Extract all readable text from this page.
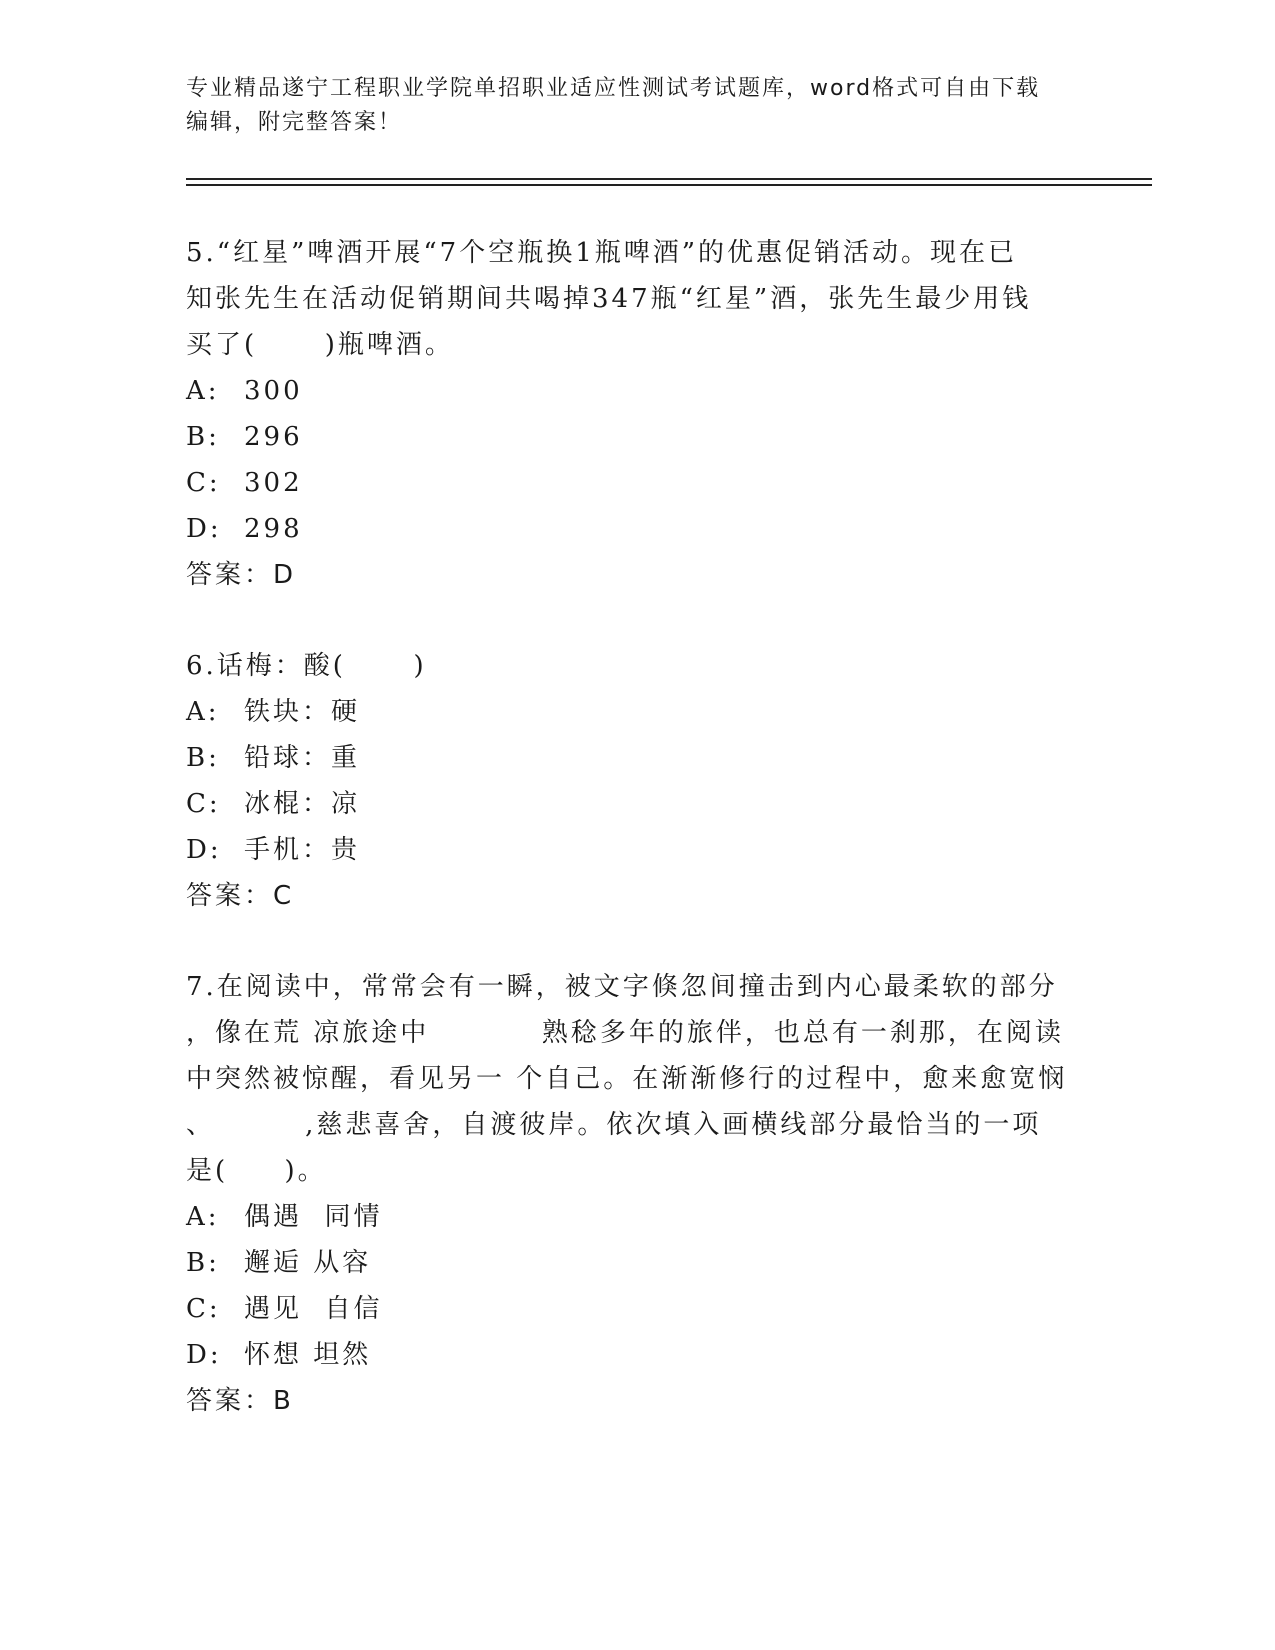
专业精品遂宁工程职业学院单招职业适应性测试考试题库，word格式可自由下载
编辑，附完整答案！
5.“红星”啤酒开展“7个空瓶换1瓶啤酒”的优惠促销活动。现在已
知张先生在活动促销期间共喝掉347瓶“红星”酒，张先生最少用钱
买了(      )瓶啤酒。
A: 300
B: 296
C: 302
D: 298
答案：D
6.话梅：酸(      )
A: 铁块：硬
B: 铅球：重
C: 冰棍：凉
D: 手机：贵
答案：C
7.在阅读中，常常会有一瞬，被文字倏忽间撞击到内心最柔软的部分
，像在荒 凉旅途中          熟稔多年的旅伴，也总有一刹那，在阅读
中突然被惊醒，看见另一 个自己。在渐渐修行的过程中，愈来愈宽悯
、        ,慈悲喜舍，自渡彼岸。依次填入画横线部分最恰当的一项
是(     )。
A: 偶遇  同情
B: 邂逅 从容
C: 遇见  自信
D: 怀想 坦然
答案：B
